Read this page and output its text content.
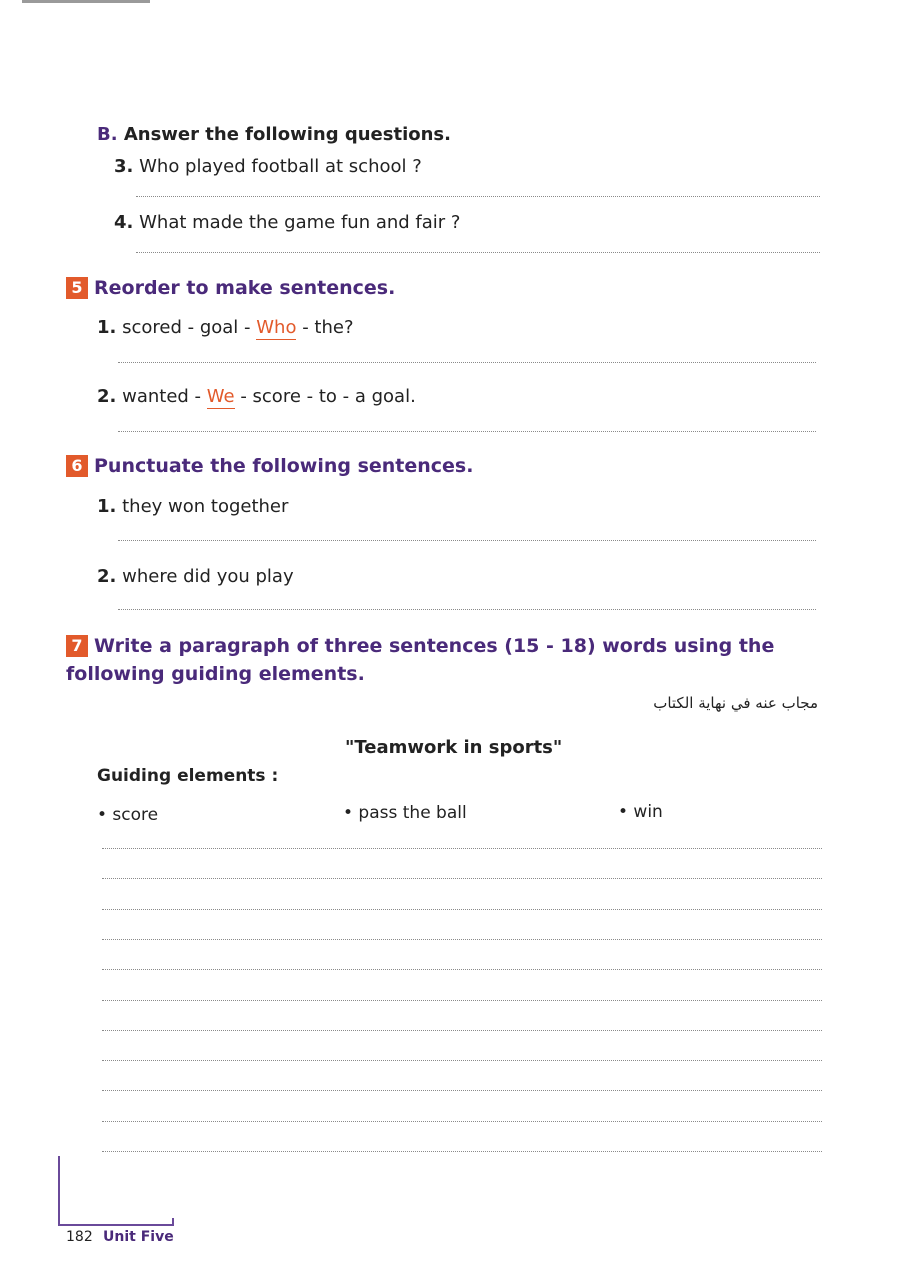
B. Answer the following questions.
3. Who played football at school ?
4. What made the game fun and fair ?
5 Reorder to make sentences.
1. scored - goal - Who - the?
2. wanted - We - score - to - a goal.
6 Punctuate the following sentences.
1. they won together
2. where did you play
7 Write a paragraph of three sentences (15 - 18) words using the following guiding elements.
مجاب عنه في نهاية الكتاب
"Teamwork in sports"
Guiding elements :
• score	• pass the ball	• win
182 Unit Five
